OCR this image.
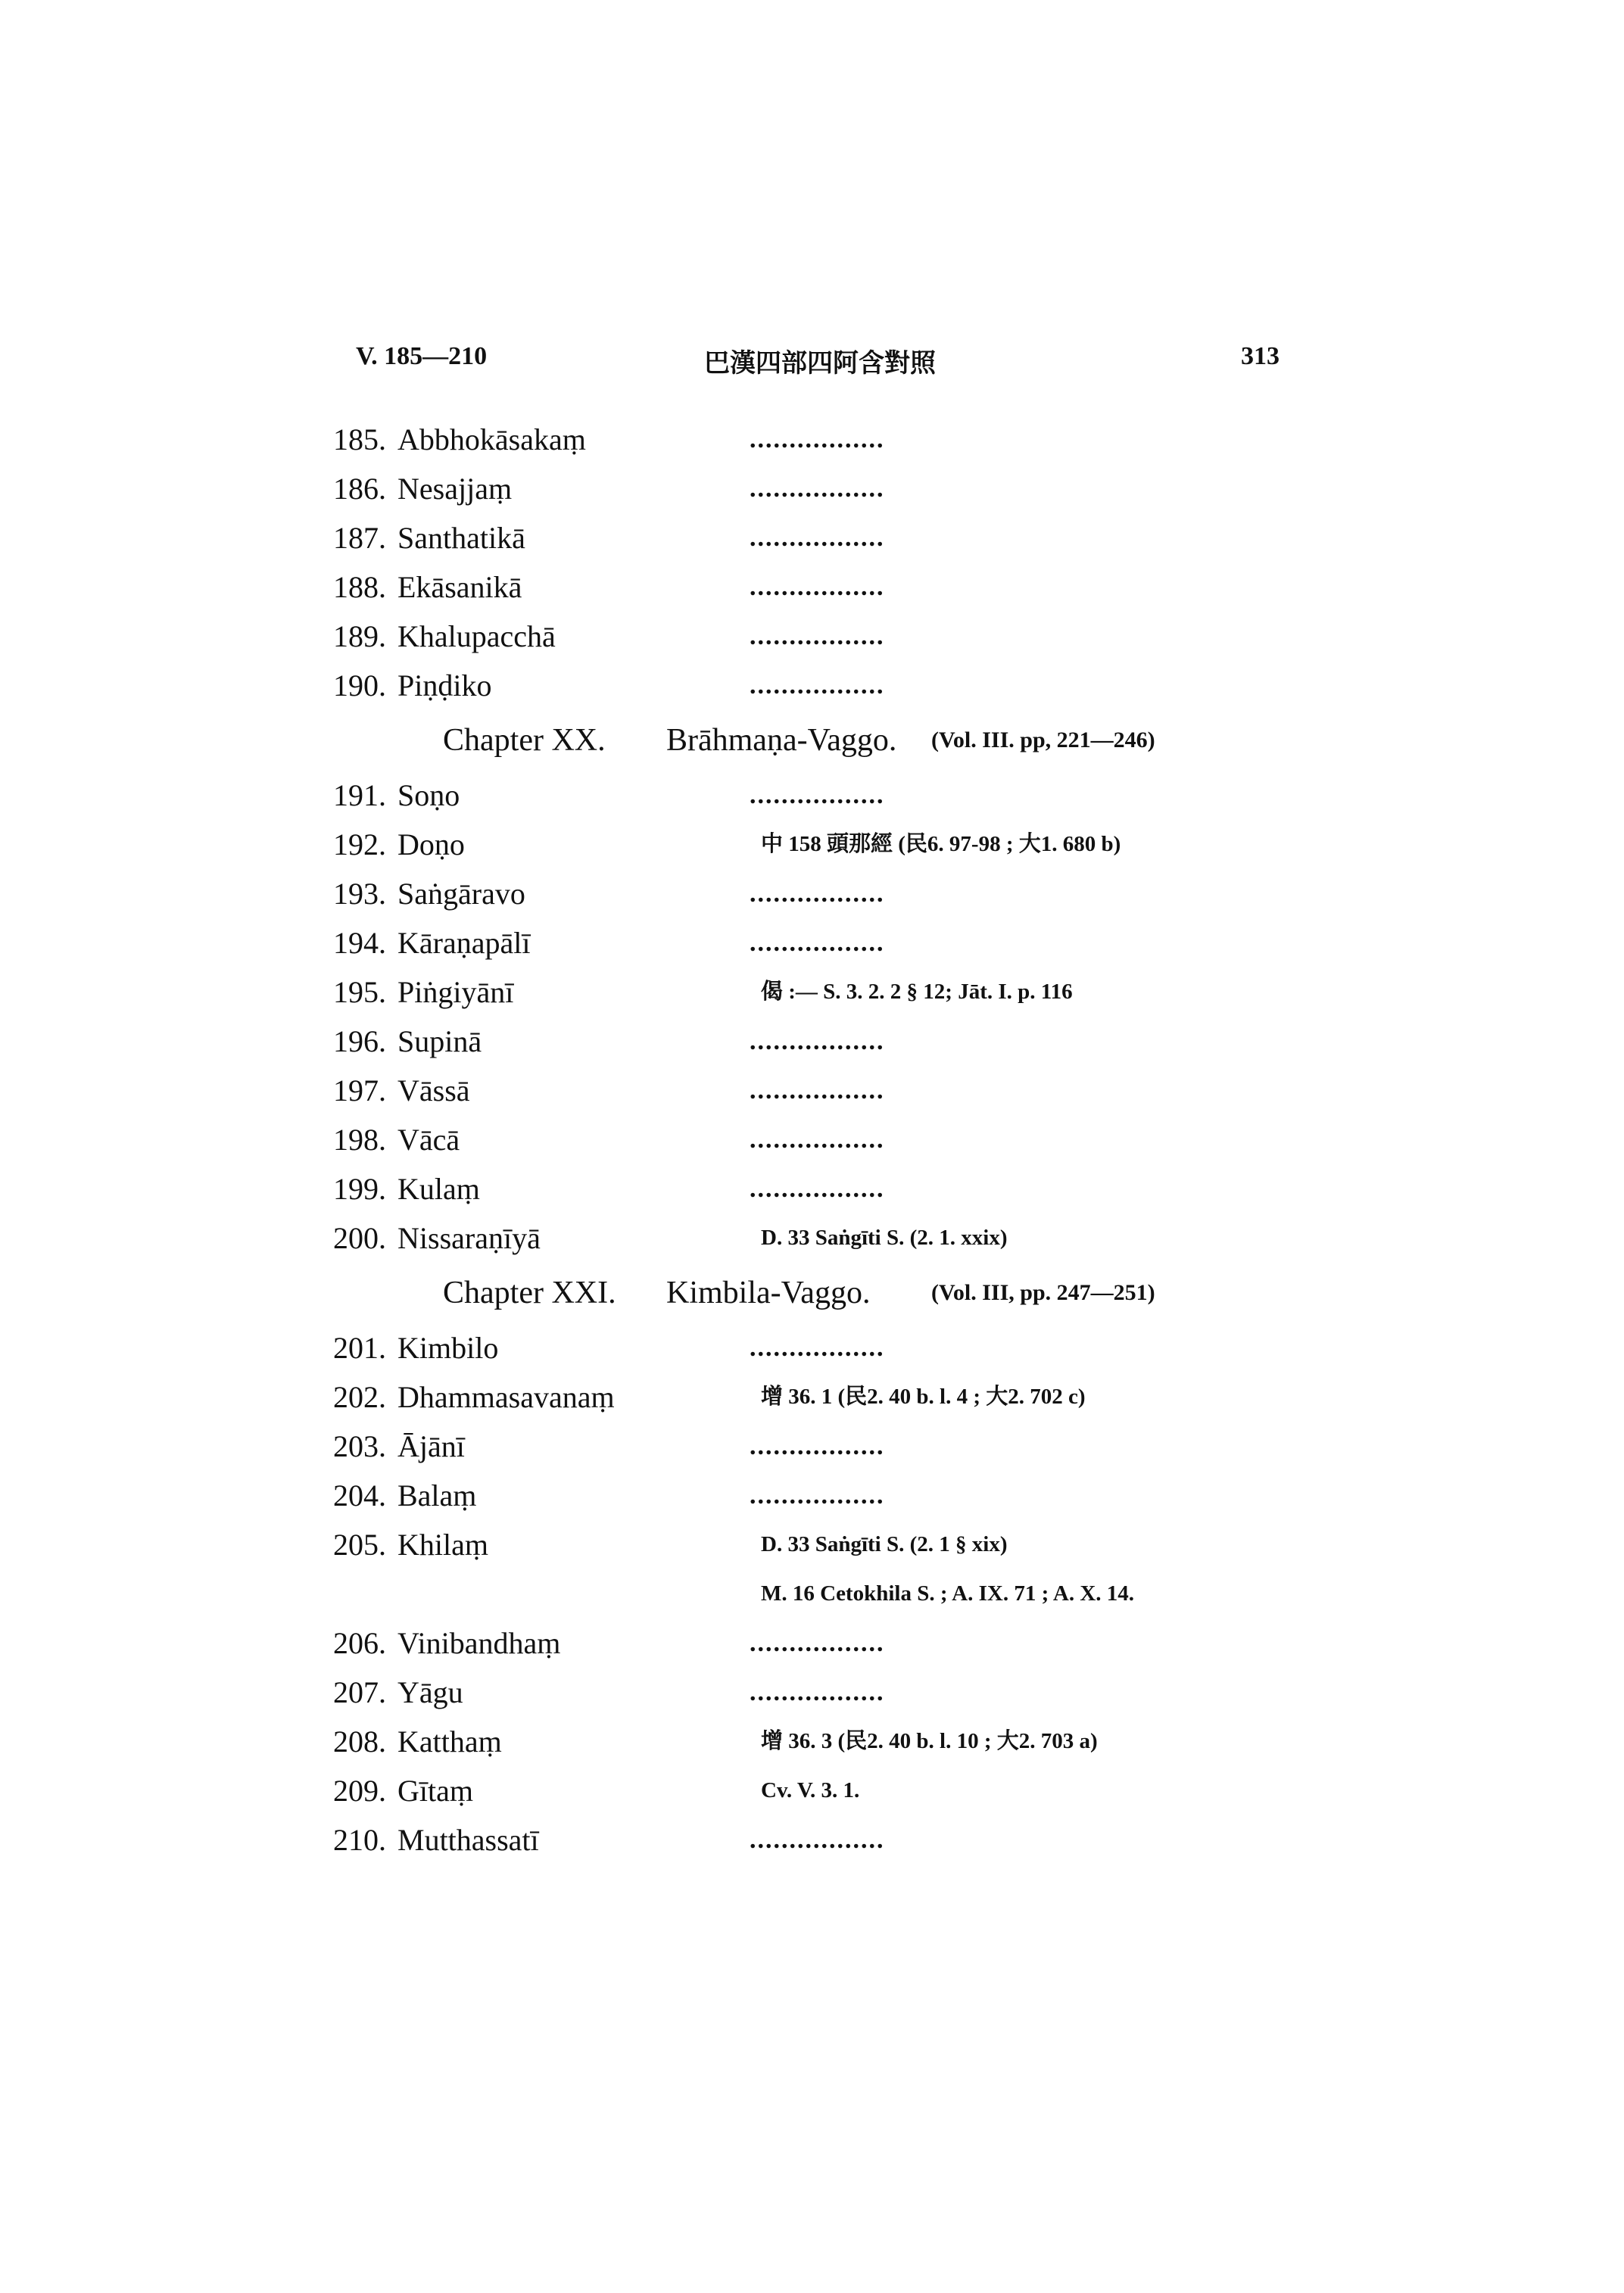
V. 185—210	巴漢四部四阿含對照	313
185. Abbhokāsakaṃ	.................
186. Nesajjaṃ	.................
187. Santhatikā	.................
188. Ekāsanikā	.................
189. Khalupacchā	.................
190. Piṇḍiko	.................
Chapter XX. Brāhmaṇa-Vaggo. (Vol. III. pp, 221—246)
191. Soṇo	.................
192. Doṇo	中 158 頭那經 (民6. 97-98 ; 大1. 680 b)
193. Saṅgāravo	.................
194. Kāraṇapālī	.................
195. Piṅgiyānī	偈 :— S. 3. 2. 2 § 12; Jāt. I. p. 116
196. Supinā	.................
197. Vāssā	.................
198. Vācā	.................
199. Kulaṃ	.................
200. Nissaraṇīyā	D. 33 Saṅgīti S. (2. 1. xxix)
Chapter XXI. Kimbila-Vaggo.	(Vol. III, pp. 247—251)
201. Kimbilo	.................
202. Dhammasavanaṃ	增 36. 1 (民2. 40 b. l. 4 ; 大2. 702 c)
203. Ājānī	.................
204. Balaṃ	.................
205. Khilaṃ	D. 33 Saṅgīti S. (2. 1 § xix)
M. 16 Cetokhila S. ; A. IX. 71 ; A. X. 14.
206. Vinibandhaṃ	.................
207. Yāgu	.................
208. Katthaṃ	增 36. 3 (民2. 40 b. l. 10 ; 大2. 703 a)
209. Gītaṃ	Cv. V. 3. 1.
210. Mutthassatī	.................
